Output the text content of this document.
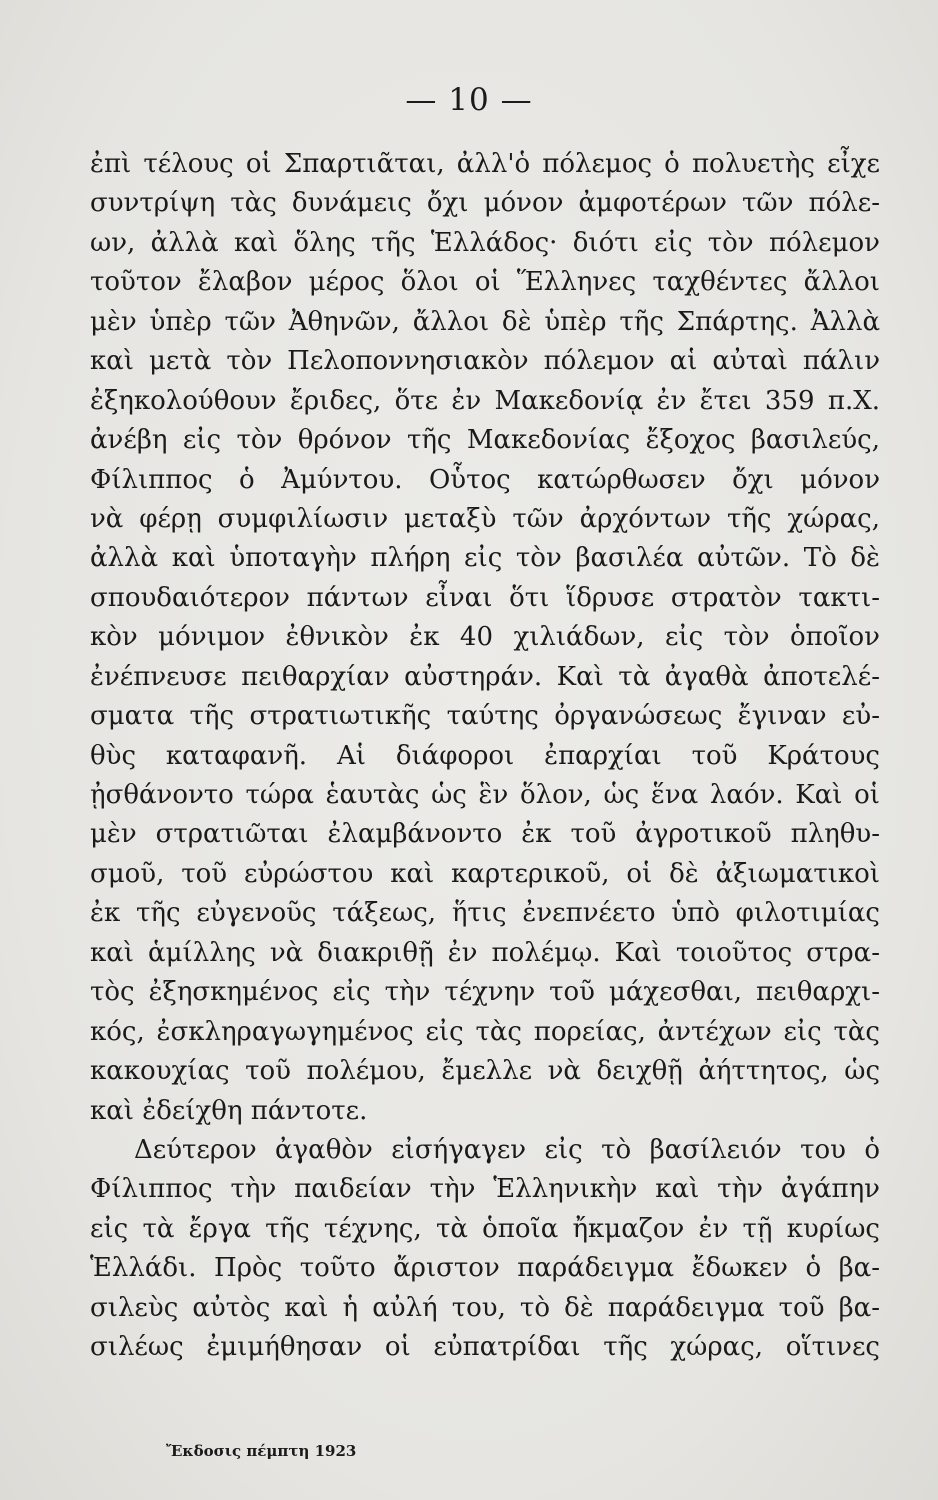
— 10 —
ἐπὶ τέλους οἱ Σπαρτιᾶται, ἀλλ'ὁ πόλεμος ὁ πολυετὴς εἶχε
συντρίψη τὰς δυνάμεις ὄχι μόνον ἀμφοτέρων τῶν πόλε-
ων, ἀλλὰ καὶ ὅλης τῆς Ἑλλάδος· διότι εἰς τὸν πόλεμον
τοῦτον ἔλαβον μέρος ὅλοι οἱ Ἕλληνες ταχθέντες ἄλλοι
μὲν ὑπὲρ τῶν Ἀθηνῶν, ἄλλοι δὲ ὑπὲρ τῆς Σπάρτης. Ἀλλὰ
καὶ μετὰ τὸν Πελοποννησιακὸν πόλεμον αἱ αὐταὶ πάλιν
ἐξηκολούθουν ἔριδες, ὅτε ἐν Μακεδονίᾳ ἐν ἔτει 359 π.Χ.
ἀνέβη εἰς τὸν θρόνον τῆς Μακεδονίας ἔξοχος βασιλεύς,
Φίλιππος ὁ Ἀμύντου. Οὗτος κατώρθωσεν ὄχι μόνον
νὰ φέρῃ συμφιλίωσιν μεταξὺ τῶν ἀρχόντων τῆς χώρας,
ἀλλὰ καὶ ὑποταγὴν πλήρη εἰς τὸν βασιλέα αὐτῶν. Τὸ δὲ
σπουδαιότερον πάντων εἶναι ὅτι ἵδρυσε στρατὸν τακτι-
κὸν μόνιμον ἐθνικὸν ἐκ 40 χιλιάδων, εἰς τὸν ὁποῖον
ἐνέπνευσε πειθαρχίαν αὐστηράν. Καὶ τὰ ἀγαθὰ ἀποτελέ-
σματα τῆς στρατιωτικῆς ταύτης ὀργανώσεως ἔγιναν εὐ-
θὺς καταφανῆ. Αἱ διάφοροι ἐπαρχίαι τοῦ Κράτους
ᾐσθάνοντο τώρα ἑαυτὰς ὡς ἓν ὅλον, ὡς ἕνα λαόν. Καὶ οἱ
μὲν στρατιῶται ἐλαμβάνοντο ἐκ τοῦ ἀγροτικοῦ πληθυ-
σμοῦ, τοῦ εὐρώστου καὶ καρτερικοῦ, οἱ δὲ ἀξιωματικοὶ
ἐκ τῆς εὐγενοῦς τάξεως, ἥτις ἐνεπνέετο ὑπὸ φιλοτιμίας
καὶ ἁμίλλης νὰ διακριθῇ ἐν πολέμῳ. Καὶ τοιοῦτος στρα-
τὸς ἐξησκημένος εἰς τὴν τέχνην τοῦ μάχεσθαι, πειθαρχι-
κός, ἐσκληραγωγημένος εἰς τὰς πορείας, ἀντέχων εἰς τὰς
κακουχίας τοῦ πολέμου, ἔμελλε νὰ δειχθῇ ἀήττητος, ὡς
καὶ ἐδείχθη πάντοτε.
Δεύτερον ἀγαθὸν εἰσήγαγεν εἰς τὸ βασίλειόν του ὁ
Φίλιππος τὴν παιδείαν τὴν Ἑλληνικὴν καὶ τὴν ἀγάπην
εἰς τὰ ἔργα τῆς τέχνης, τὰ ὁποῖα ἤκμαζον ἐν τῇ κυρίως
Ἑλλάδι. Πρὸς τοῦτο ἄριστον παράδειγμα ἔδωκεν ὁ βα-
σιλεὺς αὐτὸς καὶ ἡ αὐλή του, τὸ δὲ παράδειγμα τοῦ βα-
σιλέως ἐμιμήθησαν οἱ εὐπατρίδαι τῆς χώρας, οἵτινες
Ἔκδοσις πέμπτη 1923
